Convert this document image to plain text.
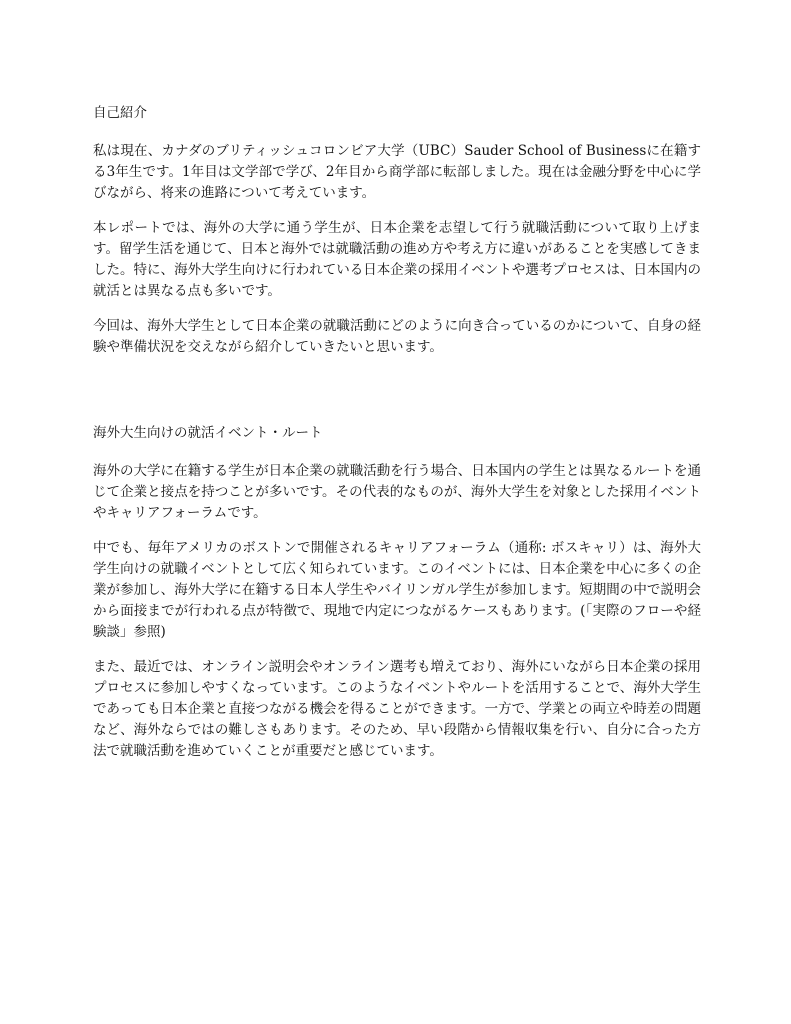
自己紹介

私は現在、カナダのブリティッシュコロンビア大学（UBC）Sauder School of Businessに在籍する3年生です。1年目は文学部で学び、2年目から商学部に転部しました。現在は金融分野を中心に学びながら、将来の進路について考えています。

本レポートでは、海外の大学に通う学生が、日本企業を志望して行う就職活動について取り上げます。留学生活を通じて、日本と海外では就職活動の進め方や考え方に違いがあることを実感してきました。特に、海外大学生向けに行われている日本企業の採用イベントや選考プロセスは、日本国内の就活とは異なる点も多いです。

今回は、海外大学生として日本企業の就職活動にどのように向き合っているのかについて、自身の経験や準備状況を交えながら紹介していきたいと思います。

海外大生向けの就活イベント・ルート

海外の大学に在籍する学生が日本企業の就職活動を行う場合、日本国内の学生とは異なるルートを通じて企業と接点を持つことが多いです。その代表的なものが、海外大学生を対象とした採用イベントやキャリアフォーラムです。

中でも、毎年アメリカのボストンで開催されるキャリアフォーラム（通称: ボスキャリ）は、海外大学生向けの就職イベントとして広く知られています。このイベントには、日本企業を中心に多くの企業が参加し、海外大学に在籍する日本人学生やバイリンガル学生が参加します。短期間の中で説明会から面接までが行われる点が特徴で、現地で内定につながるケースもあります。(「実際のフローや経験談」参照)

また、最近では、オンライン説明会やオンライン選考も増えており、海外にいながら日本企業の採用プロセスに参加しやすくなっています。このようなイベントやルートを活用することで、海外大学生であっても日本企業と直接つながる機会を得ることができます。一方で、学業との両立や時差の問題など、海外ならではの難しさもあります。そのため、早い段階から情報収集を行い、自分に合った方法で就職活動を進めていくことが重要だと感じています。
